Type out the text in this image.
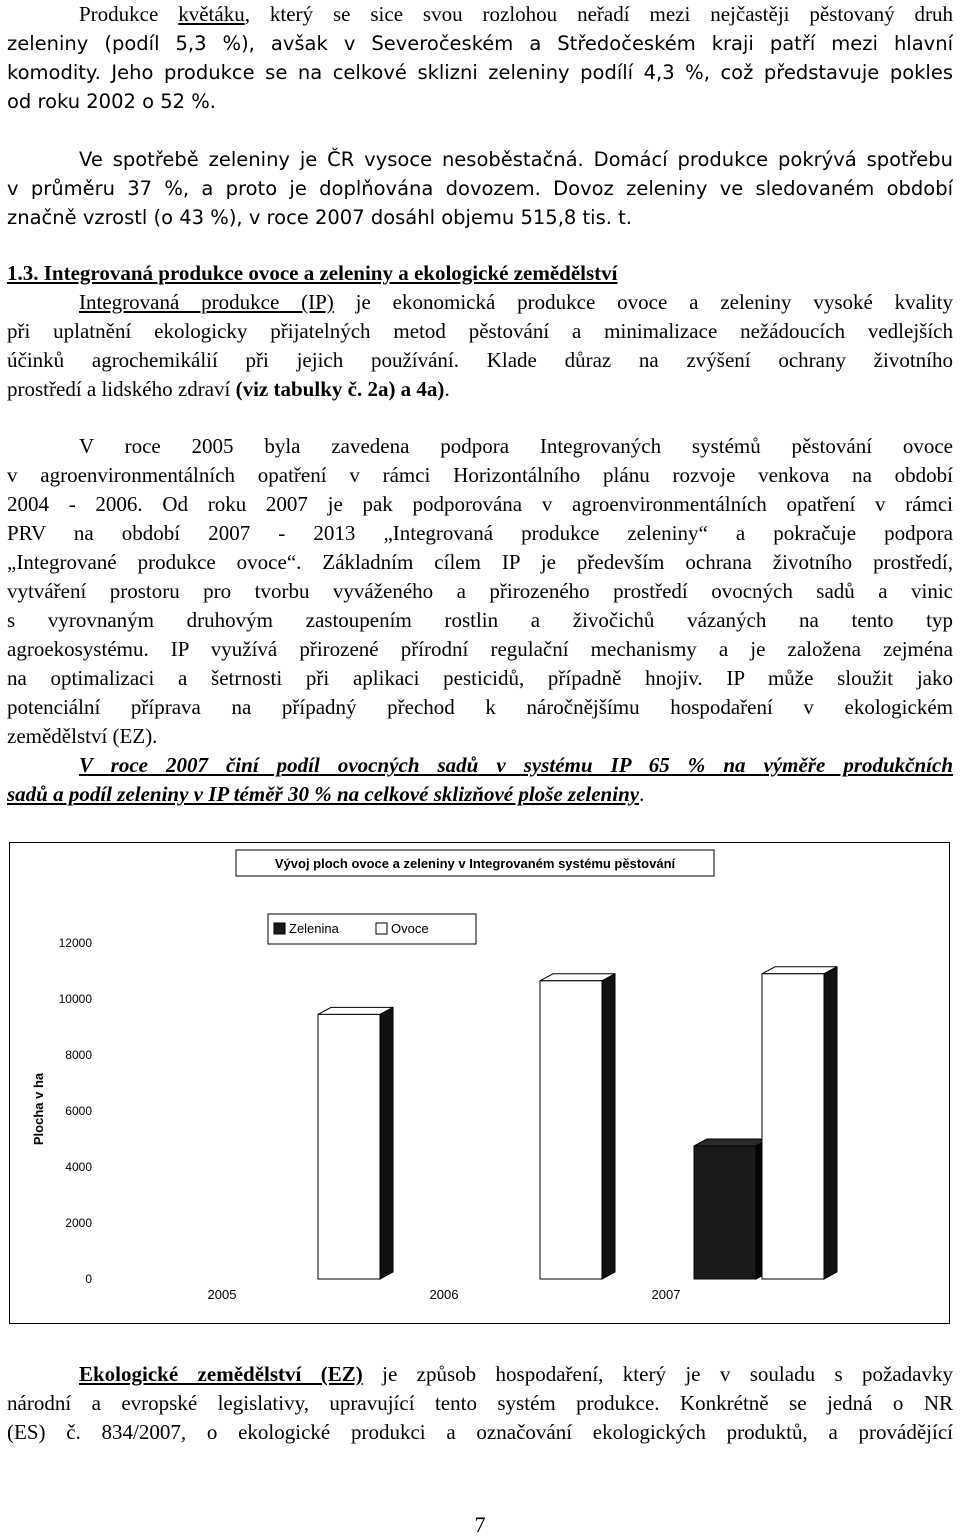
Produkce květáku, který se sice svou rozlohou neřadí mezi nejčastěji pěstovaný druh
zeleniny (podíl 5,3 %), avšak v Severočeském a Středočeském kraji patří mezi hlavní
komodity. Jeho produkce se na celkové sklizni zeleniny podílí 4,3 %, což představuje pokles
od roku 2002 o 52 %.
Ve spotřebě zeleniny je ČR vysoce nesoběstačná. Domácí produkce pokrývá spotřebu
v průměru 37 %, a proto je doplňována dovozem. Dovoz zeleniny ve sledovaném období
značně vzrostl (o 43 %), v roce 2007 dosáhl objemu 515,8 tis. t.
1.3. Integrovaná produkce ovoce a zeleniny a ekologické zemědělství
Integrovaná produkce (IP) je ekonomická produkce ovoce a zeleniny vysoké kvality
při uplatnění ekologicky přijatelných metod pěstování a minimalizace nežádoucích vedlejších
účinků agrochemikálií při jejich používání. Klade důraz na zvýšení ochrany životního
prostředí a lidského zdraví (viz tabulky č. 2a) a 4a).
V roce 2005 byla zavedena podpora Integrovaných systémů pěstování ovoce
v agroenvironmentálních opatření v rámci Horizontálního plánu rozvoje venkova na období
2004 - 2006. Od roku 2007 je pak podporována v agroenvironmentálních opatření v rámci
PRV na období 2007 - 2013 „Integrovaná produkce zeleniny“ a pokračuje podpora
„Integrované produkce ovoce“. Základním cílem IP je především ochrana životního prostředí,
vytváření prostoru pro tvorbu vyváženého a přirozeného prostředí ovocných sadů a vinic
s vyrovnaným druhovým zastoupením rostlin a živočichů vázaných na tento typ
agroekosystému. IP využívá přirozené přírodní regulační mechanismy a je založena zejména
na optimalizaci a šetrnosti při aplikaci pesticidů, případně hnojiv. IP může sloužit jako
potenciální příprava na případný přechod k náročnějšímu hospodaření v ekologickém
zemědělství (EZ).
V roce 2007 činí podíl ovocných sadů v systému IP 65 % na výměře produkčních
sadů a podíl zeleniny v IP téměř 30 % na celkové sklizňové ploše zeleniny.
Vývoj ploch ovoce a zeleniny v Integrovaném systému pěstování
Plocha v ha
Zelenina	Ovoce
0
2000
4000
6000
8000
10000
12000
2005	2006	2007
Ekologické zemědělství (EZ) je způsob hospodaření, který je v souladu s požadavky
národní a evropské legislativy, upravující tento systém produkce. Konkrétně se jedná o NR
(ES) č. 834/2007, o ekologické produkci a označování ekologických produktů, a provádějící
7
